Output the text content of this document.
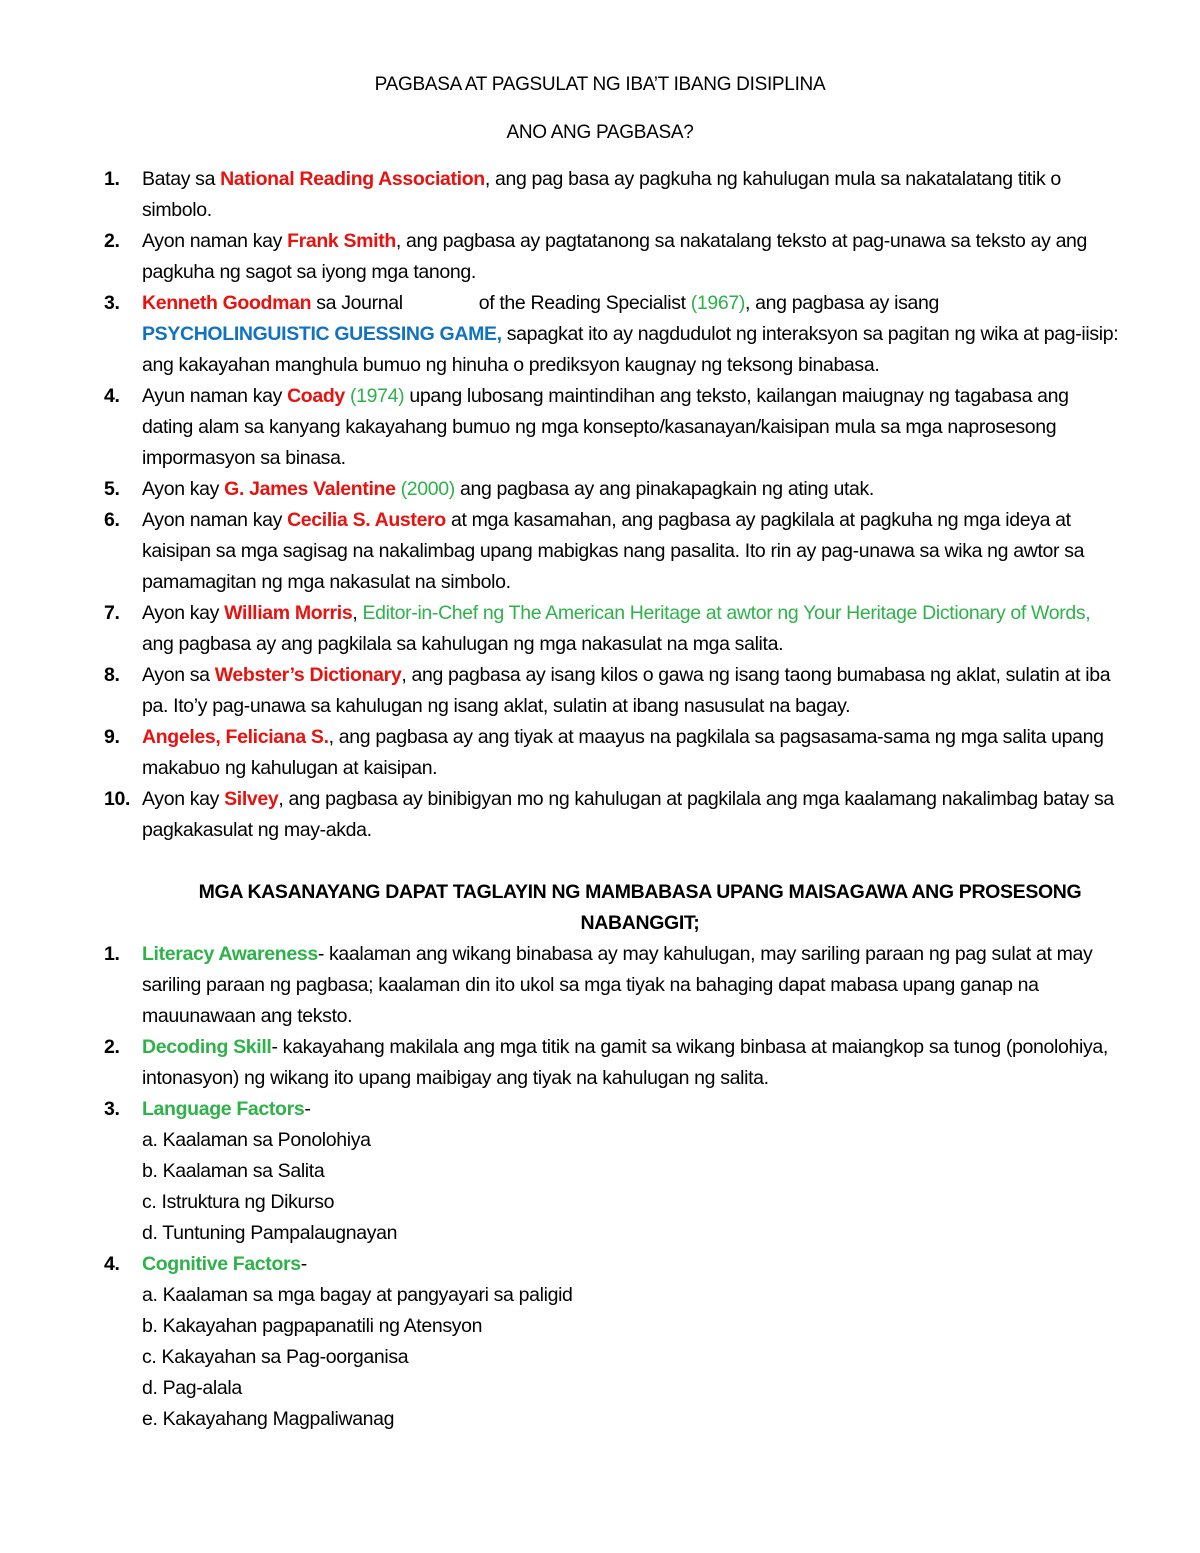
PAGBASA AT PAGSULAT NG IBA’T IBANG DISIPLINA
ANO ANG PAGBASA?
1. Batay sa National Reading Association, ang pag basa ay pagkuha ng kahulugan mula sa nakatalatang titik o simbolo.
2. Ayon naman kay Frank Smith, ang pagbasa ay pagtatanong sa nakatalang teksto at pag-unawa sa teksto ay ang pagkuha ng sagot sa iyong mga tanong.
3. Kenneth Goodman sa Journal	of the Reading Specialist (1967), ang pagbasa ay isang PSYCHOLINGUISTIC GUESSING GAME, sapagkat ito ay nagdudulot ng interaksyon sa pagitan ng wika at pag-iisip: ang kakayahan manghula bumuo ng hinuha o prediksyon kaugnay ng teksong binabasa.
4. Ayun naman kay Coady (1974) upang lubosang maintindihan ang teksto, kailangan maiugnay ng tagabasa ang dating alam sa kanyang kakayahang bumuo ng mga konsepto/kasanayan/kaisipan mula sa mga naprosesong impormasyon sa binasa.
5. Ayon kay G. James Valentine (2000) ang pagbasa ay ang pinakapagkain ng ating utak.
6. Ayon naman kay Cecilia S. Austero at mga kasamahan, ang pagbasa ay pagkilala at pagkuha ng mga ideya at kaisipan sa mga sagisag na nakalimbag upang mabigkas nang pasalita. Ito rin ay pag-unawa sa wika ng awtor sa pamamagitan ng mga nakasulat na simbolo.
7. Ayon kay William Morris, Editor-in-Chef ng The American Heritage at awtor ng Your Heritage Dictionary of Words, ang pagbasa ay ang pagkilala sa kahulugan ng mga nakasulat na mga salita.
8. Ayon sa Webster’s Dictionary, ang pagbasa ay isang kilos o gawa ng isang taong bumabasa ng aklat, sulatin at iba pa. Ito’y pag-unawa sa kahulugan ng isang aklat, sulatin at ibang nasusulat na bagay.
9. Angeles, Feliciana S., ang pagbasa ay ang tiyak at maayus na pagkilala sa pagsasama-sama ng mga salita upang makabuo ng kahulugan at kaisipan.
10. Ayon kay Silvey, ang pagbasa ay binibigyan mo ng kahulugan at pagkilala ang mga kaalamang nakalimbag batay sa pagkakasulat ng may-akda.
MGA KASANAYANG DAPAT TAGLAYIN NG MAMBABASA UPANG MAISAGAWA ANG PROSESONG NABANGGIT;
1. Literacy Awareness- kaalaman ang wikang binabasa ay may kahulugan, may sariling paraan ng pag sulat at may sariling paraan ng pagbasa; kaalaman din ito ukol sa mga tiyak na bahaging dapat mabasa upang ganap na mauunawaan ang teksto.
2. Decoding Skill- kakayahang makilala ang mga titik na gamit sa wikang binbasa at maiangkop sa tunog (ponolohiya, intonasyon) ng wikang ito upang maibigay ang tiyak na kahulugan ng salita.
3. Language Factors-
a. Kaalaman sa Ponolohiya
b. Kaalaman sa Salita
c. Istruktura ng Dikurso
d. Tuntuning Pampalaugnayan
4. Cognitive Factors-
a. Kaalaman sa mga bagay at pangyayari sa paligid
b. Kakayahan pagpapanatili ng Atensyon
c. Kakayahan sa Pag-oorganisa
d. Pag-alala
e. Kakayahang Magpaliwanag
